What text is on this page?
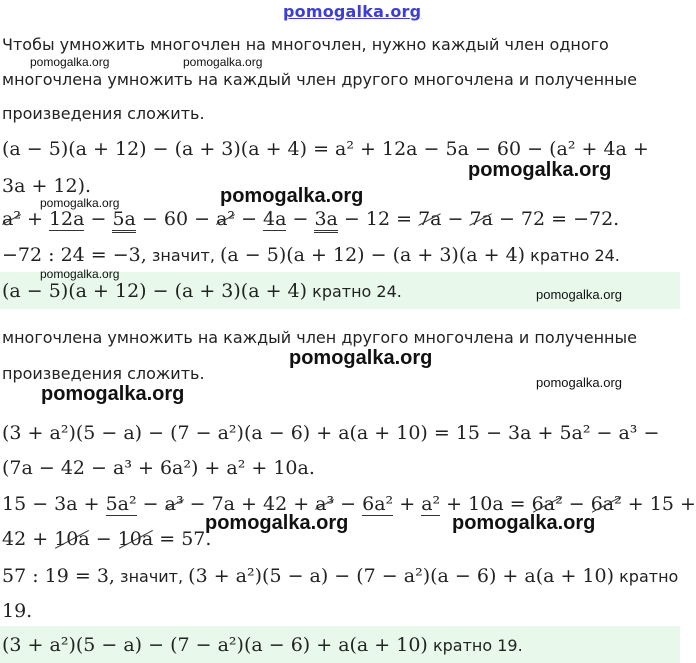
pomogalka.org
Чтобы умножить многочлен на многочлен, нужно каждый член одного
pomogalka.org	pomogalka.org
многочлена умножить на каждый член другого многочлена и полученные
произведения сложить.
(a − 5)(a + 12) − (a + 3)(a + 4) = a² + 12a − 5a − 60 − (a² + 4a +
3a + 12).
pomogalka.org
pomogalka.org
pomogalka.org
a² + 12a − 5a − 60 − a² − 4a − 3a − 12 = 7a − 7a − 72 = −72.
−72 : 24 = −3, значит, (a − 5)(a + 12) − (a + 3)(a + 4) кратно 24.
pomogalka.org
(a − 5)(a + 12) − (a + 3)(a + 4) кратно 24.	pomogalka.org
многочлена умножить на каждый член другого многочлена и полученные
pomogalka.org
произведения сложить.	pomogalka.org
pomogalka.org
(3 + a²)(5 − a) − (7 − a²)(a − 6) + a(a + 10) = 15 − 3a + 5a² − a³ −
(7a − 42 − a³ + 6a²) + a² + 10a.
15 − 3a + 5a² − a³ − 7a + 42 + a³ − 6a² + a² + 10a = 6a² − 6a² + 15 +
pomogalka.org	pomogalka.org
42 + 10a − 10a = 57.
57 : 19 = 3, значит, (3 + a²)(5 − a) − (7 − a²)(a − 6) + a(a + 10) кратно
19.
(3 + a²)(5 − a) − (7 − a²)(a − 6) + a(a + 10) кратно 19.
